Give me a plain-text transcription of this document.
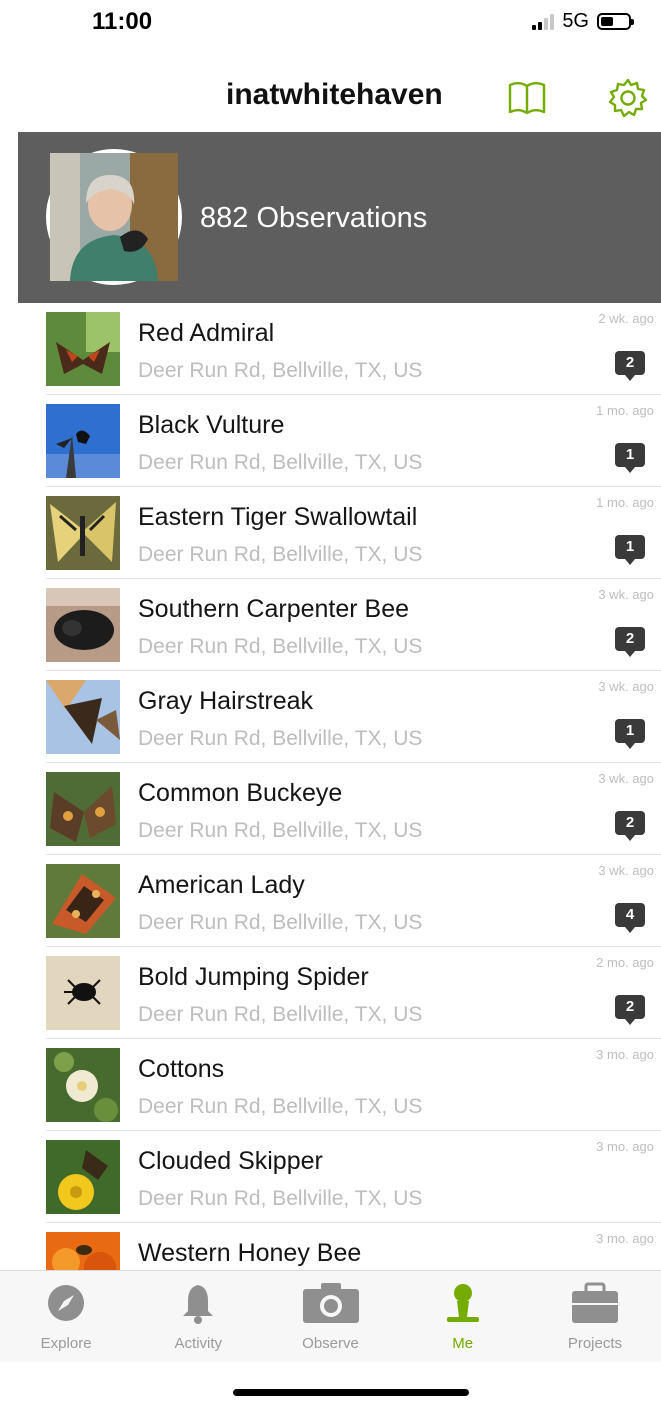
11:00	5G
inatwhitehaven
882 Observations
Red Admiral
Deer Run Rd, Bellville, TX, US
2 wk. ago
2
Black Vulture
Deer Run Rd, Bellville, TX, US
1 mo. ago
1
Eastern Tiger Swallowtail
Deer Run Rd, Bellville, TX, US
1 mo. ago
1
Southern Carpenter Bee
Deer Run Rd, Bellville, TX, US
3 wk. ago
2
Gray Hairstreak
Deer Run Rd, Bellville, TX, US
3 wk. ago
1
Common Buckeye
Deer Run Rd, Bellville, TX, US
3 wk. ago
2
American Lady
Deer Run Rd, Bellville, TX, US
3 wk. ago
4
Bold Jumping Spider
Deer Run Rd, Bellville, TX, US
2 mo. ago
2
Cottons
Deer Run Rd, Bellville, TX, US
3 mo. ago
Clouded Skipper
Deer Run Rd, Bellville, TX, US
3 mo. ago
Western Honey Bee
3 mo. ago
Explore	Activity	Observe	Me	Projects
